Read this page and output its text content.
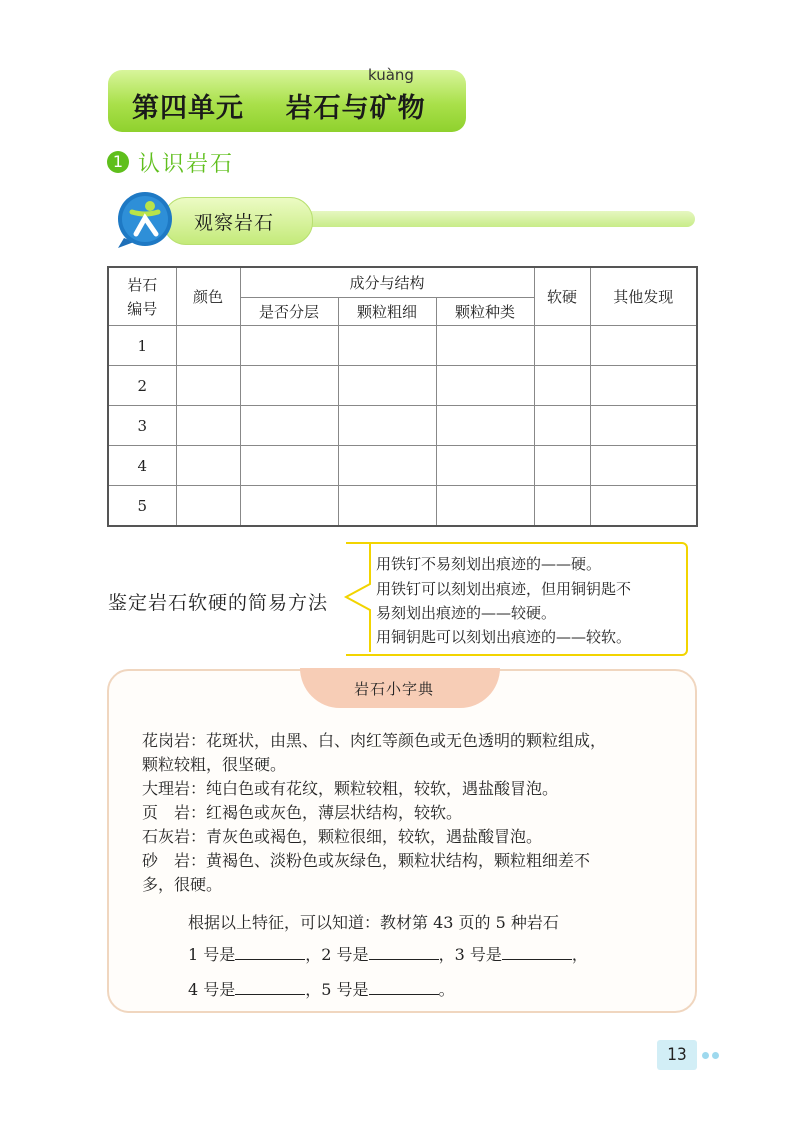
kuàng
第四单元    岩石与矿物
1 认识岩石
观察岩石
岩石编号	颜色	成分与结构			软硬	其他发现
		是否分层	颗粒粗细	颗粒种类		
1						
2						
3						
4						
5						
鉴定岩石软硬的简易方法
用铁钉不易刻划出痕迹的——硬。
用铁钉可以刻划出痕迹，但用铜钥匙不
易刻划出痕迹的——较硬。
用铜钥匙可以刻划出痕迹的——较软。
岩石小字典
花岗岩：花斑状，由黑、白、肉红等颜色或无色透明的颗粒组成，
颗粒较粗，很坚硬。
大理岩：纯白色或有花纹，颗粒较粗，较软，遇盐酸冒泡。
页　岩：红褐色或灰色，薄层状结构，较软。
石灰岩：青灰色或褐色，颗粒很细，较软，遇盐酸冒泡。
砂　岩：黄褐色、淡粉色或灰绿色，颗粒状结构，颗粒粗细差不
多，很硬。
根据以上特征，可以知道：教材第 43 页的 5 种岩石
1 号是	，2 号是	，3 号是	，
4 号是	，5 号是	。
13
